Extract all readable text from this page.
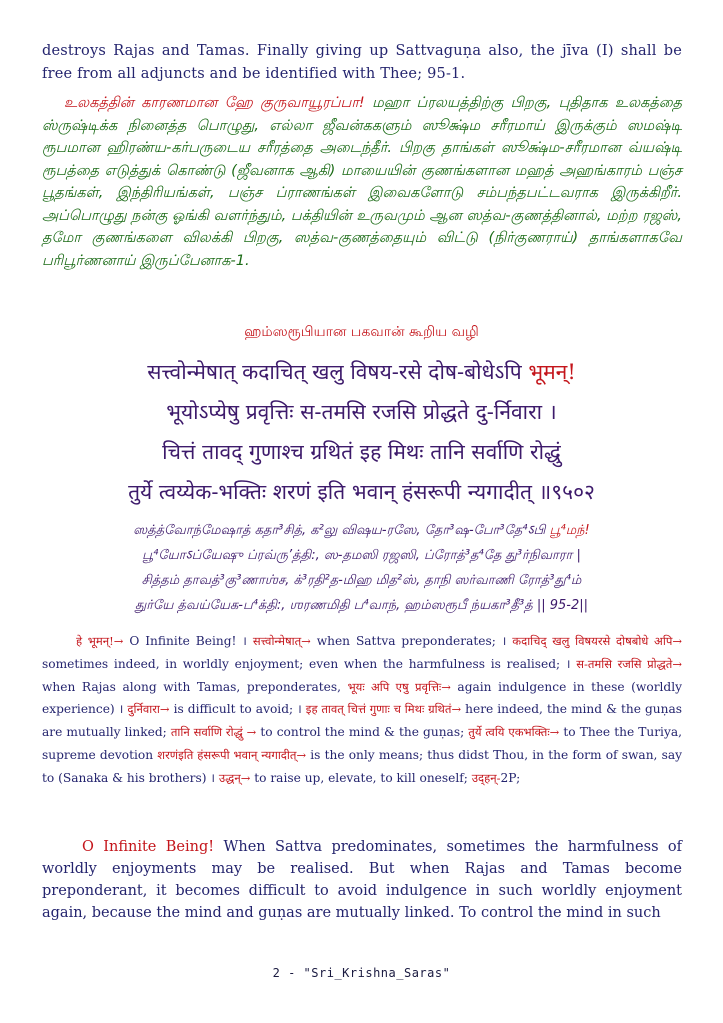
destroys Rajas and Tamas. Finally giving up Sattvaguṇa also, the jīva (I) shall be free from all adjuncts and be identified with Thee; 95-1.

உலகத்தின் காரணமான ஹே குருவாயூரப்பா! மஹா ப்ரலயத்திற்கு பிறகு, புதிதாக உலகத்தை ஸ்ருஷ்டிக்க நினைத்த பொழுது, எல்லா ஜீவன்ககளும் ஸூக்ஷ்ம சரீரமாய் இருக்கும் ஸமஷ்டி ரூபமான ஹிரண்ய-கர்பருடைய சரீரத்தை அடைந்தீர். பிறகு தாங்கள் ஸூக்ஷ்ம-சரீரமான வ்யஷ்டி ரூபத்தை எடுத்துக் கொண்டு (ஜீவனாக ஆகி) மாயையின் குணங்களான மஹத் அஹங்காரம் பஞ்ச பூதங்கள், இந்திரியங்கள், பஞ்ச ப்ராணங்கள் இவைகளோடு சம்பந்தபட்டவராக இருக்கிறீர். அப்பொழுது நன்கு ஓங்கி வளர்ந்தும், பக்தியின் உருவமும் ஆன ஸத்வ-குணத்தினால், மற்ற ரஜஸ், தமோ குணங்களை விலக்கி பிறகு, ஸத்வ-குணத்தையும் விட்டு (நிர்குணராய்) தாங்களாகவே பரிபூர்ணனாய் இருப்பேனாக-1.

ஹம்ஸரூபியான பகவான் கூறிய வழி
सत्त्वोन्मेषात् कदाचित् खलु विषय-रसे दोष-बोधेऽपि भूमन्!
भूयोऽप्येषु प्रवृत्तिः स-तमसि रजसि प्रोद्धते दु-र्निवारा ।
चित्तं तावद् गुणाश्च ग्रथितं इह मिथः तानि सर्वाणि रोद्धुं
तुर्ये त्वय्येक-भक्तिः शरणं इति भवान् हंसरूपी न्यगादीत् ॥९५०२
ஸத்த்வோந்மேஷாத் கதா³சித், க²லு விஷய-ரஸே, தோ³ஷ-போ³தே⁴ऽபி பூ⁴மந்!
பூ⁴யோऽப்யேஷு ப்ரவ்ரு’த்தி:, ஸ-தமஸி ரஜஸி, ப்ரோத்³த⁴தே து³ர்நிவாரா |
சித்தம் தாவத்³கு³ணாஶ்ச, க்³ரதி²த-மிஹ மித²ஸ், தாநி ஸர்வாணி ரோத்³து⁴ம்
துர்யே த்வய்யேக-ப⁴க்தி:, ஶரணமிதி ப⁴வாந், ஹம்ஸரூபீ ந்யகா³தீ³த் || 95-2||

हे भूमन्!→ O Infinite Being! । सत्त्वोन्मेषात्→ when Sattva preponderates; । कदाचिद् खलु विषयरसे दोषबोधे अपि→ sometimes indeed, in worldly enjoyment; even when the harmfulness is realised; । स-तमसि रजसि प्रोद्धते→ when Rajas along with Tamas, preponderates, भूयः अपि एषु प्रवृत्तिः→ again indulgence in these (worldly experience) । दुर्निवारा→ is difficult to avoid; । इह तावत् चित्तं गुणाः च मिथः ग्रथितं→ here indeed, the mind & the guṇas are mutually linked; तानि सर्वाणि रोद्धुं → to control the mind & the guṇas; तुर्ये त्वयि एकभक्तिः→ to Thee the Turiya, supreme devotion शरणंइति हंसरूपी भवान् न्यगादीत्→ is the only means; thus didst Thou, in the form of swan, say to (Sanaka & his brothers) । उद्धन्→ to raise up, elevate, to kill oneself; उद्हन्-2P;

O Infinite Being! When Sattva predominates, sometimes the harmfulness of worldly enjoyments may be realised. But when Rajas and Tamas become preponderant, it becomes difficult to avoid indulgence in such worldly enjoyment again, because the mind and guṇas are mutually linked. To control the mind in such

2 - "Sri_Krishna_Saras"
